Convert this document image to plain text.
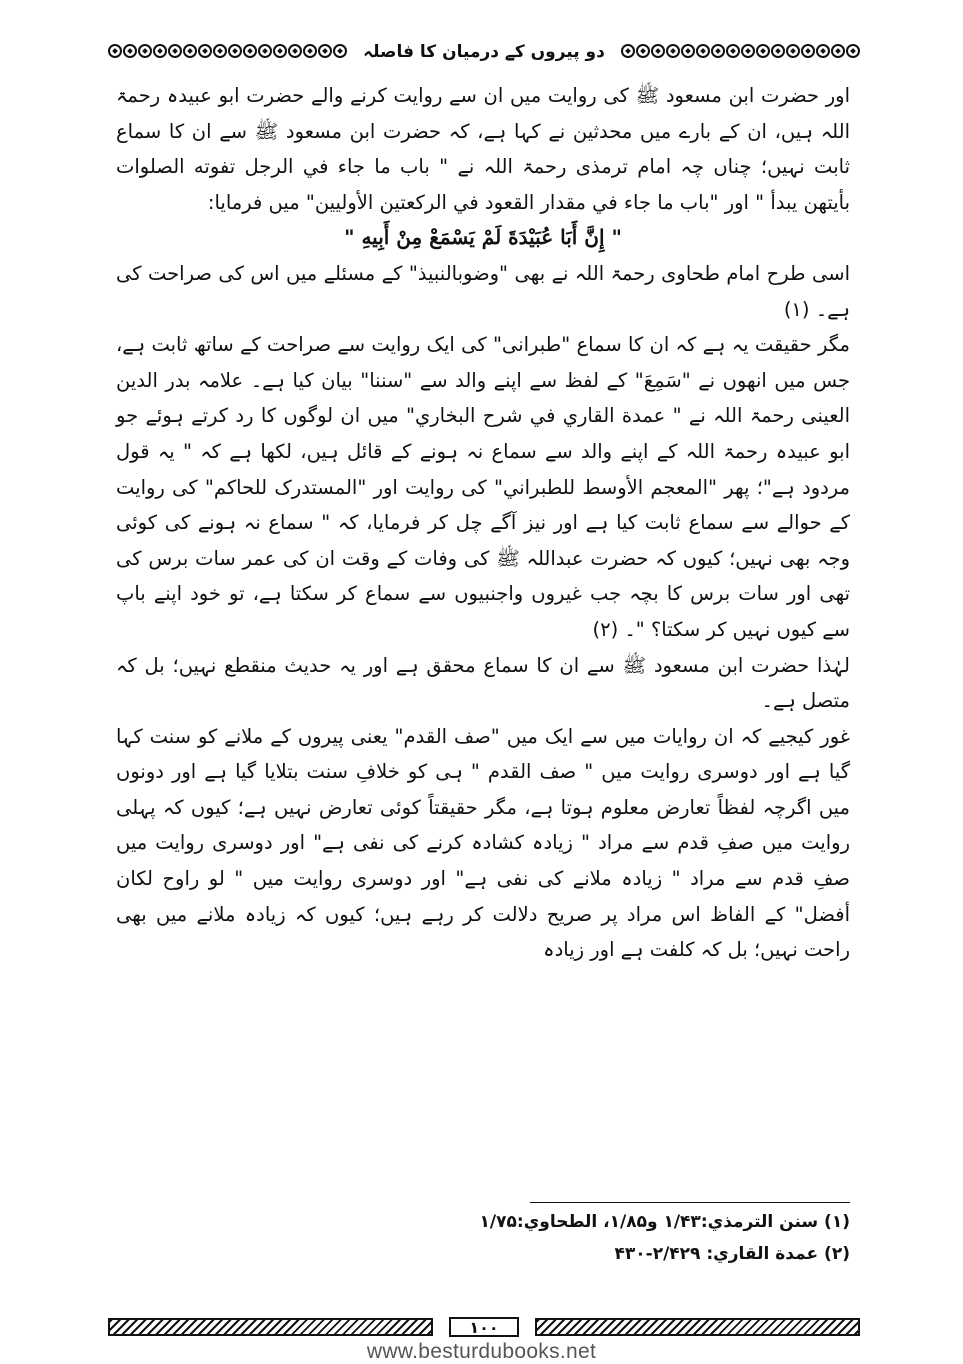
دو پیروں کے درمیان کا فاصلہ

اور حضرت ابن مسعود ﷺ کی روایت میں ان سے روایت کرنے والے حضرت ابو عبیدہ رحمۃ اللہ ہیں، ان کے بارے میں محدثین نے کہا ہے، کہ حضرت ابن مسعود ﷺ سے ان کا سماع ثابت نہیں؛ چناں چہ امام ترمذی رحمۃ اللہ نے " باب ما جاء في الرجل تفوته الصلوات بأيتهن يبدأ " اور "باب ما جاء في مقدار القعود في الركعتين الأوليين" میں فرمایا:

" إِنَّ أَبَا عُبَيْدَةَ لَمْ يَسْمَعْ مِنْ أَبِيهِ "

اسی طرح امام طحاوی رحمۃ اللہ نے بھی "وضوبالنبیذ" کے مسئلے میں اس کی صراحت کی ہے۔ (۱)

مگر حقیقت یہ ہے کہ ان کا سماع "طبرانی" کی ایک روایت سے صراحت کے ساتھ ثابت ہے، جس میں انھوں نے "سَمِعَ" کے لفظ سے اپنے والد سے "سننا" بیان کیا ہے۔ علامہ بدر الدین العینی رحمۃ اللہ نے " عمدة القاري في شرح البخاري" میں ان لوگوں کا رد کرتے ہوئے جو ابو عبیدہ رحمۃ اللہ کے اپنے والد سے سماع نہ ہونے کے قائل ہیں، لکھا ہے کہ " یہ قول مردود ہے"؛ پھر "المعجم الأوسط للطبراني" کی روایت اور "المستدرک للحاکم" کی روایت کے حوالے سے سماع ثابت کیا ہے اور نیز آگے چل کر فرمایا، کہ " سماع نہ ہونے کی کوئی وجہ بھی نہیں؛ کیوں کہ حضرت عبداللہ ﷺ کی وفات کے وقت ان کی عمر سات برس کی تھی اور سات برس کا بچہ جب غیروں واجنبیوں سے سماع کر سکتا ہے، تو خود اپنے باپ سے کیوں نہیں کر سکتا؟ "۔ (۲)

لہٰذا حضرت ابن مسعود ﷺ سے ان کا سماع محقق ہے اور یہ حدیث منقطع نہیں؛ بل کہ متصل ہے۔

غور کیجیے کہ ان روایات میں سے ایک میں "صف القدم" یعنی پیروں کے ملانے کو سنت کہا گیا ہے اور دوسری روایت میں " صف القدم " ہی کو خلافِ سنت بتلایا گیا ہے اور دونوں میں اگرچہ لفظاً تعارض معلوم ہوتا ہے، مگر حقیقتاً کوئی تعارض نہیں ہے؛ کیوں کہ پہلی روایت میں صفِ قدم سے مراد " زیادہ کشادہ کرنے کی نفی ہے" اور دوسری روایت میں صفِ قدم سے مراد " زیادہ ملانے کی نفی ہے" اور دوسری روایت میں " لو راوح لكان أفضل" کے الفاظ اس مراد پر صریح دلالت کر رہے ہیں؛ کیوں کہ زیادہ ملانے میں بھی راحت نہیں؛ بل کہ کلفت ہے اور زیادہ

(۱) سنن الترمذي:۱/۴۳ و۱/۸۵، الطحاوي:۱/۷۵
(۲) عمدة القاري: ۲/۴۲۹-۴۳۰
۱۰۰
www.besturdubooks.net
